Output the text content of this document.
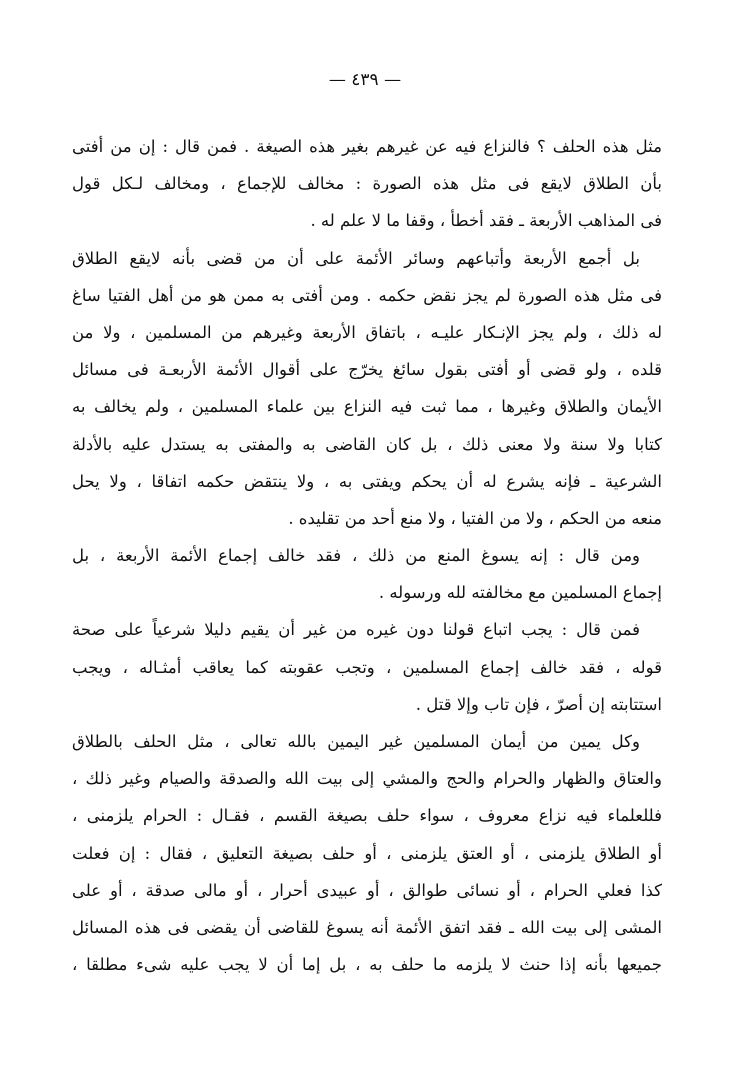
— ٤٣٩ —
مثل هذه الحلف ؟ فالنزاع فيه عن غيرهم بغير هذه الصيغة . فمن قال : إن من أفتى
بأن الطلاق لايقع فى مثل هذه الصورة : مخالف للإجماع ، ومخالف لـكل قول
فى المذاهب الأربعة ـ فقد أخطأ ، وقفا ما لا علم له .
بل أجمع الأربعة وأتباعهم وسائر الأئمة على أن من قضى بأنه لايقع الطلاق
فى مثل هذه الصورة لم يجز نقض حكمه . ومن أفتى به ممن هو من أهل الفتيا ساغ
له ذلك ، ولم يجز الإنـكار عليـه ، باتفاق الأربعة وغيرهم من المسلمين ، ولا من
قلده ، ولو قضى أو أفتى بقول سائغ يخرّج على أقوال الأئمة الأربعـة فى مسائل
الأيمان والطلاق وغيرها ، مما ثبت فيه النزاع بين علماء المسلمين ، ولم يخالف به
كتابا ولا سنة ولا معنى ذلك ، بل كان القاضى به والمفتى به يستدل عليه بالأدلة
الشرعية ـ فإنه يشرع له أن يحكم ويفتى به ، ولا ينتقض حكمه اتفاقا ، ولا يحل
منعه من الحكم ، ولا من الفتيا ، ولا منع أحد من تقليده .
ومن قال : إنه يسوغ المنع من ذلك ، فقد خالف إجماع الأئمة الأربعة ، بل
إجماع المسلمين مع مخالفته لله ورسوله .
فمن قال : يجب اتباع قولنا دون غيره من غير أن يقيم دليلا شرعياً على صحة
قوله ، فقد خالف إجماع المسلمين ، وتجب عقوبته كما يعاقب أمثـاله ، ويجب
استتابته إن أصرّ ، فإن تاب وإلا قتل .
وكل يمين من أيمان المسلمين غير اليمين بالله تعالى ، مثل الحلف بالطلاق
والعتاق والظهار والحرام والحج والمشي إلى بيت الله والصدقة والصيام وغير ذلك ،
فللعلماء فيه نزاع معروف ، سواء حلف بصيغة القسم ، فقـال : الحرام يلزمنى ،
أو الطلاق يلزمنى ، أو العتق يلزمنى ، أو حلف بصيغة التعليق ، فقال : إن فعلت
كذا فعلي الحرام ، أو نسائى طوالق ، أو عبيدى أحرار ، أو مالى صدقة ، أو على
المشى إلى بيت الله ـ فقد اتفق الأئمة أنه يسوغ للقاضى أن يقضى فى هذه المسائل
جميعها بأنه إذا حنث لا يلزمه ما حلف به ، بل إما أن لا يجب عليه شىء مطلقا ،
